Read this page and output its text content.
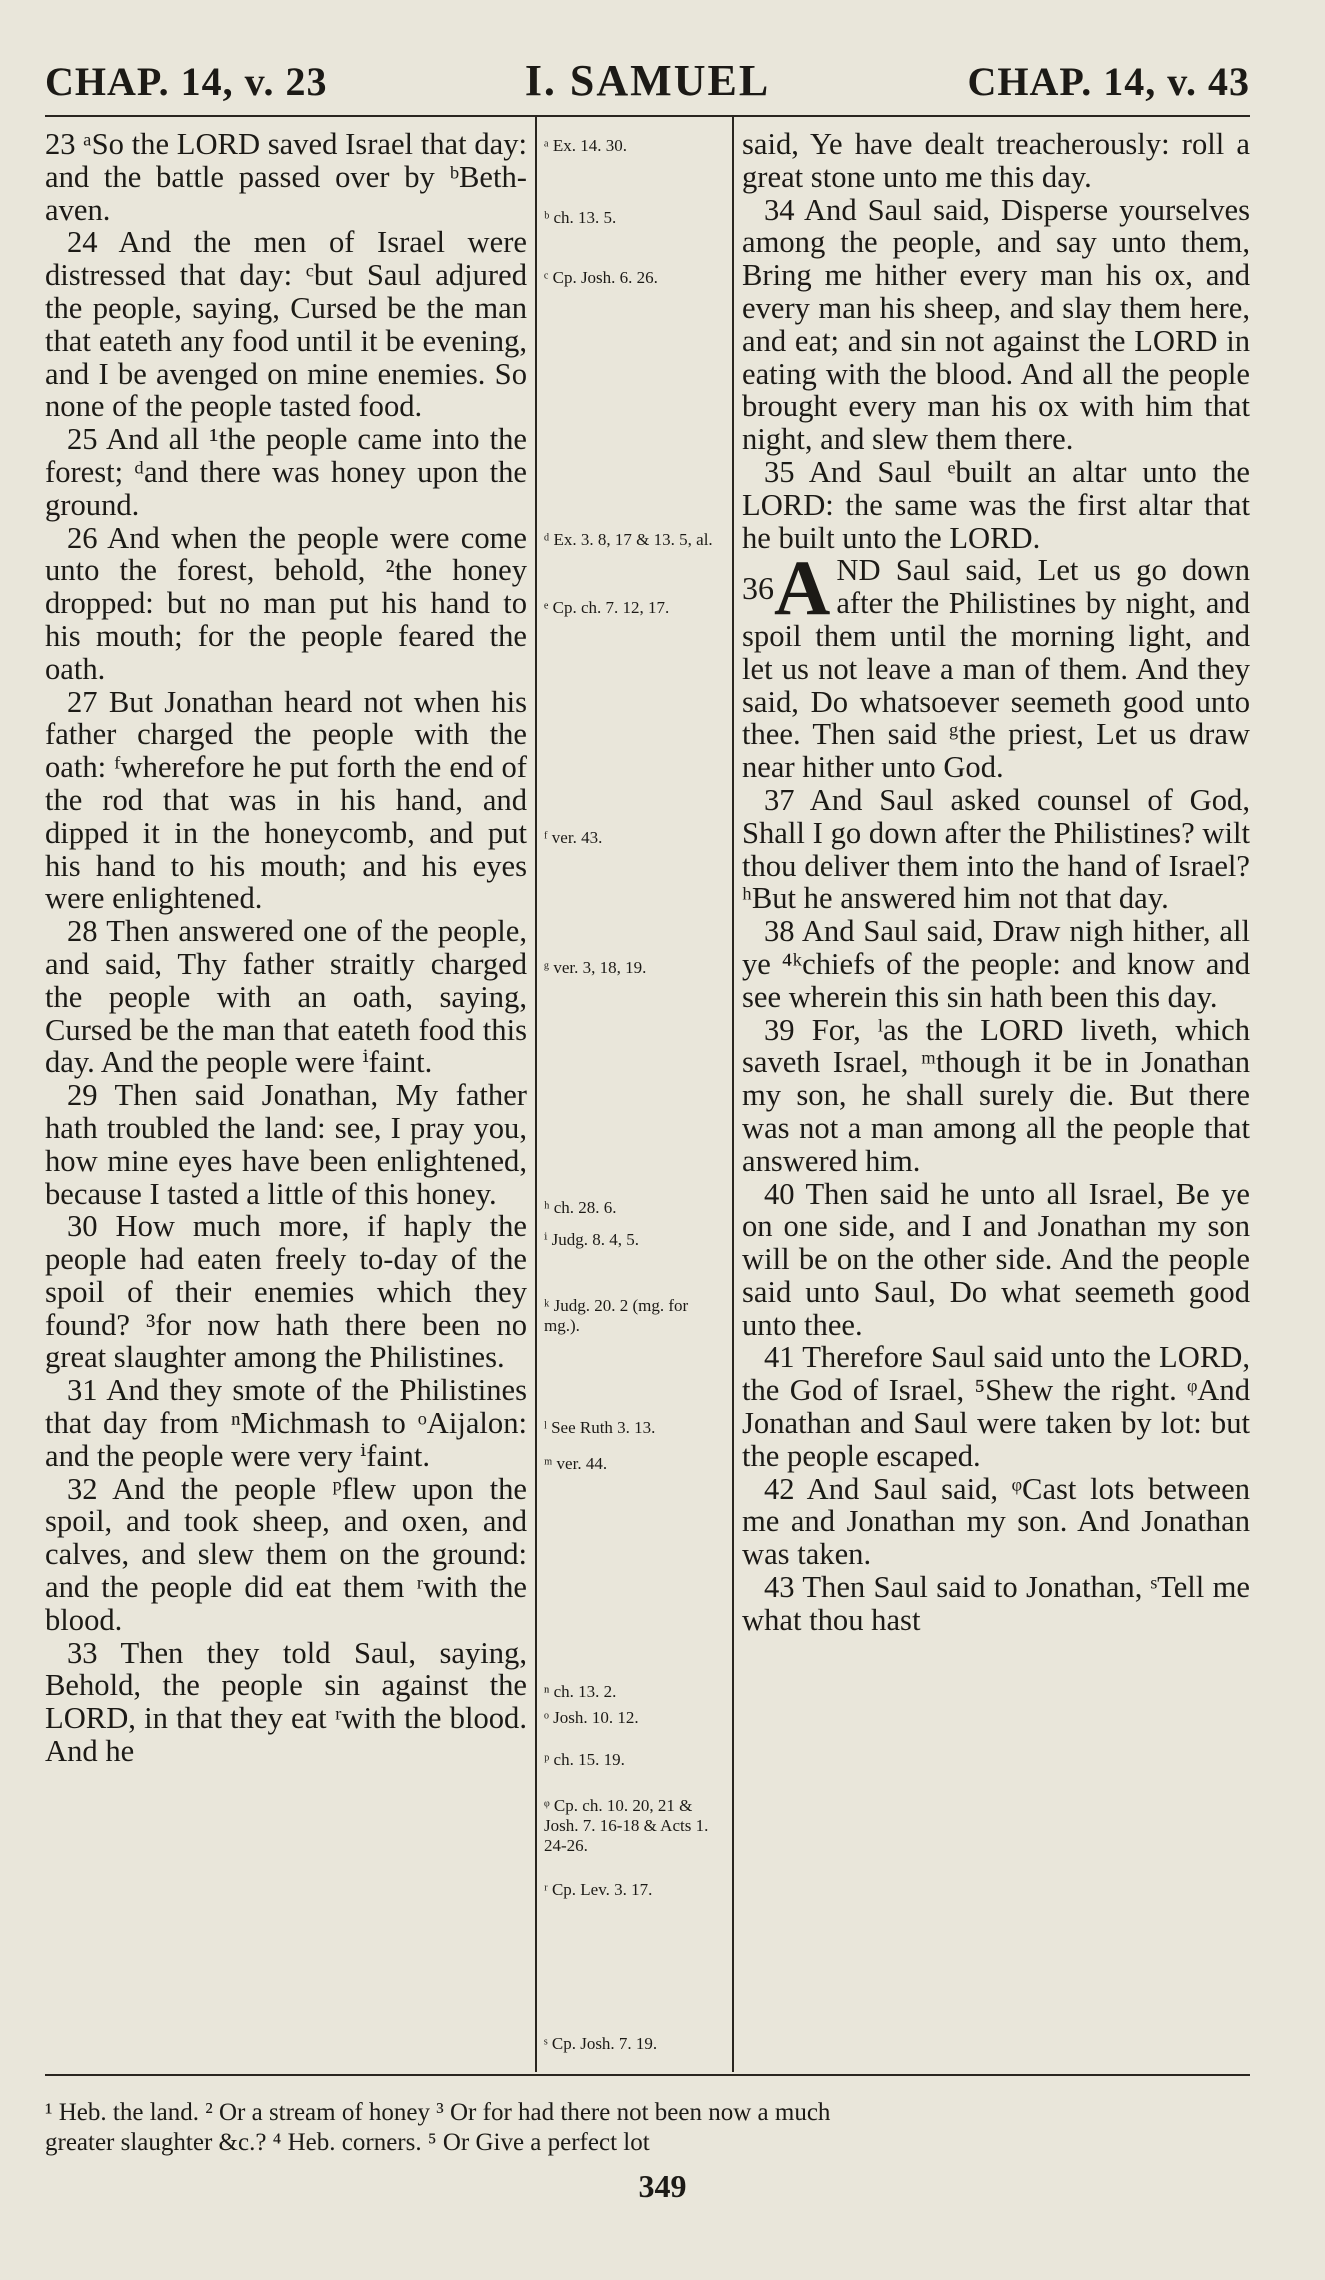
CHAP. 14, v. 23	I. SAMUEL	CHAP. 14, v. 43

23 ᵃSo the LORD saved Israel that day: and the battle passed over by ᵇBeth-aven.

24 And the men of Israel were distressed that day: ᶜbut Saul adjured the people, saying, Cursed be the man that eateth any food until it be evening, and I be avenged on mine enemies. So none of the people tasted food.

25 And all ¹the people came into the forest; ᵈand there was honey upon the ground.

26 And when the people were come unto the forest, behold, ²the honey dropped: but no man put his hand to his mouth; for the people feared the oath.

27 But Jonathan heard not when his father charged the people with the oath: ᶠwherefore he put forth the end of the rod that was in his hand, and dipped it in the honeycomb, and put his hand to his mouth; and his eyes were enlightened.

28 Then answered one of the people, and said, Thy father straitly charged the people with an oath, saying, Cursed be the man that eateth food this day. And the people were ⁱfaint.

29 Then said Jonathan, My father hath troubled the land: see, I pray you, how mine eyes have been enlightened, because I tasted a little of this honey.

30 How much more, if haply the people had eaten freely to-day of the spoil of their enemies which they found? ³for now hath there been no great slaughter among the Philistines.

31 And they smote of the Philistines that day from ⁿMichmash to ᵒAijalon: and the people were very ⁱfaint.

32 And the people ᵖflew upon the spoil, and took sheep, and oxen, and calves, and slew them on the ground: and the people did eat them ʳwith the blood.

33 Then they told Saul, saying, Behold, the people sin against the LORD, in that they eat ʳwith the blood. And he

ᵃ Ex. 14. 30.
ᵇ ch. 13. 5.
ᶜ Cp. Josh. 6. 26.
ᵈ Ex. 3. 8, 17 & 13. 5, al.
ᵉ Cp. ch. 7. 12, 17.
ᶠ ver. 43.
ᵍ ver. 3, 18, 19.
ʰ ch. 28. 6.
ⁱ Judg. 8. 4, 5.
ᵏ Judg. 20. 2 (mg. for mg.).
ˡ See Ruth 3. 13.
ᵐ ver. 44.
ⁿ ch. 13. 2.
ᵒ Josh. 10. 12.
ᵖ ch. 15. 19.
ᵠ Cp. ch. 10. 20, 21 & Josh. 7. 16-18 & Acts 1. 24-26.
ʳ Cp. Lev. 3. 17.
ˢ Cp. Josh. 7. 19.

said, Ye have dealt treacherously: roll a great stone unto me this day.

34 And Saul said, Disperse yourselves among the people, and say unto them, Bring me hither every man his ox, and every man his sheep, and slay them here, and eat; and sin not against the LORD in eating with the blood. And all the people brought every man his ox with him that night, and slew them there.

35 And Saul ᵉbuilt an altar unto the LORD: the same was the first altar that he built unto the LORD.

$^{36}$A ND Saul said, Let us go down after the Philistines by night, and spoil them until the morning light, and let us not leave a man of them. And they said, Do whatsoever seemeth good unto thee. Then said ᵍthe priest, Let us draw near hither unto God.

37 And Saul asked counsel of God, Shall I go down after the Philistines? wilt thou deliver them into the hand of Israel? ʰBut he answered him not that day.

38 And Saul said, Draw nigh hither, all ye ⁴ᵏchiefs of the people: and know and see wherein this sin hath been this day.

39 For, ˡas the LORD liveth, which saveth Israel, ᵐthough it be in Jonathan my son, he shall surely die. But there was not a man among all the people that answered him.

40 Then said he unto all Israel, Be ye on one side, and I and Jonathan my son will be on the other side. And the people said unto Saul, Do what seemeth good unto thee.

41 Therefore Saul said unto the LORD, the God of Israel, ⁵Shew the right. ᵠAnd Jonathan and Saul were taken by lot: but the people escaped.

42 And Saul said, ᵠCast lots between me and Jonathan my son. And Jonathan was taken.

43 Then Saul said to Jonathan, ˢTell me what thou hast

¹ Heb. the land. ² Or a stream of honey ³ Or for had there not been now a much
greater slaughter &c.? ⁴ Heb. corners. ⁵ Or Give a perfect lot
349
